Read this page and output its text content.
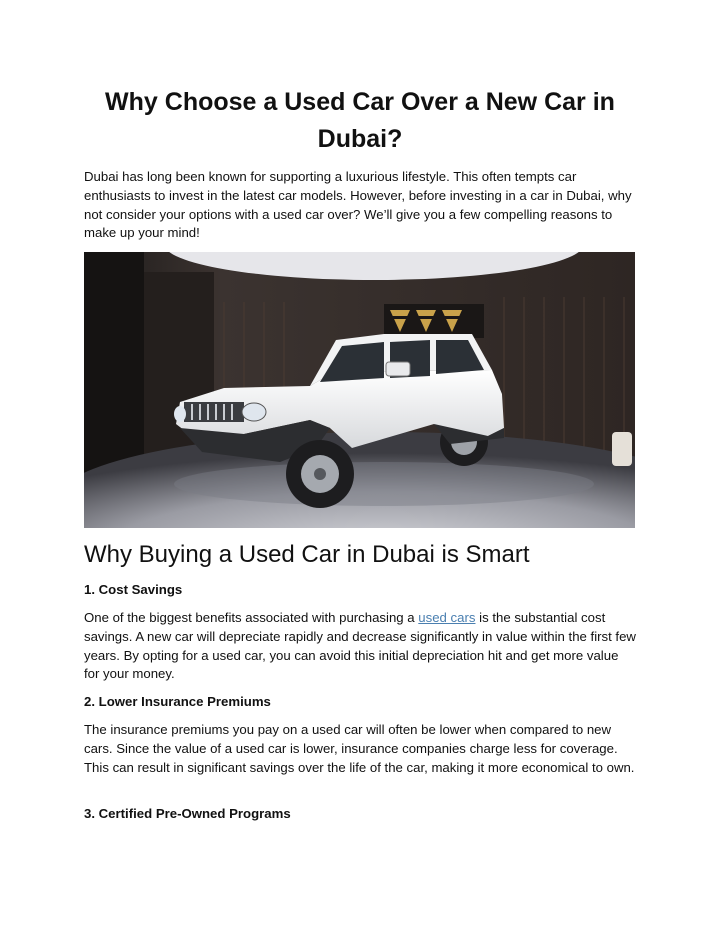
Why Choose a Used Car Over a New Car in Dubai?

Dubai has long been known for supporting a luxurious lifestyle. This often tempts car enthusiasts to invest in the latest car models. However, before investing in a car in Dubai, why not consider your options with a used car over? We’ll give you a few compelling reasons to make up your mind!

Why Buying a Used Car in Dubai is Smart
1. Cost Savings

One of the biggest benefits associated with purchasing a used cars is the substantial cost savings. A new car will depreciate rapidly and decrease significantly in value within the first few years. By opting for a used car, you can avoid this initial depreciation hit and get more value for your money.

2. Lower Insurance Premiums

The insurance premiums you pay on a used car will often be lower when compared to new cars. Since the value of a used car is lower, insurance companies charge less for coverage. This can result in significant savings over the life of the car, making it more economical to own.

3. Certified Pre-Owned Programs
